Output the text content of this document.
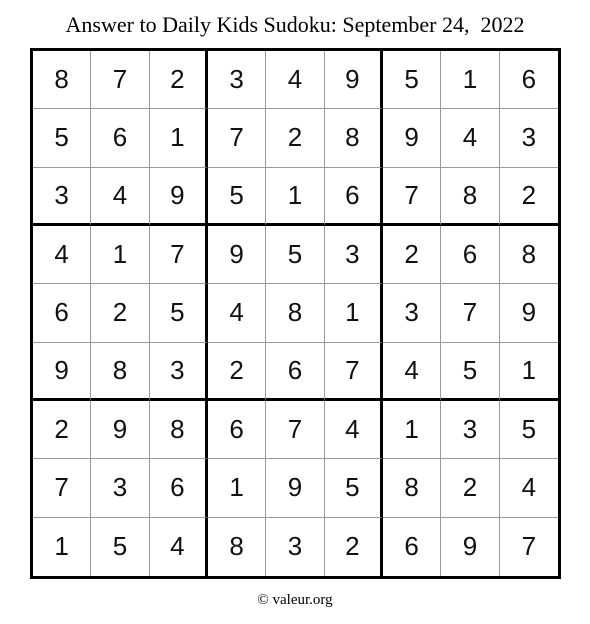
Answer to Daily Kids Sudoku: September 24,  2022
8	7	2	3	4	9	5	1	6
5	6	1	7	2	8	9	4	3
3	4	9	5	1	6	7	8	2
4	1	7	9	5	3	2	6	8
6	2	5	4	8	1	3	7	9
9	8	3	2	6	7	4	5	1
2	9	8	6	7	4	1	3	5
7	3	6	1	9	5	8	2	4
1	5	4	8	3	2	6	9	7
© valeur.org
